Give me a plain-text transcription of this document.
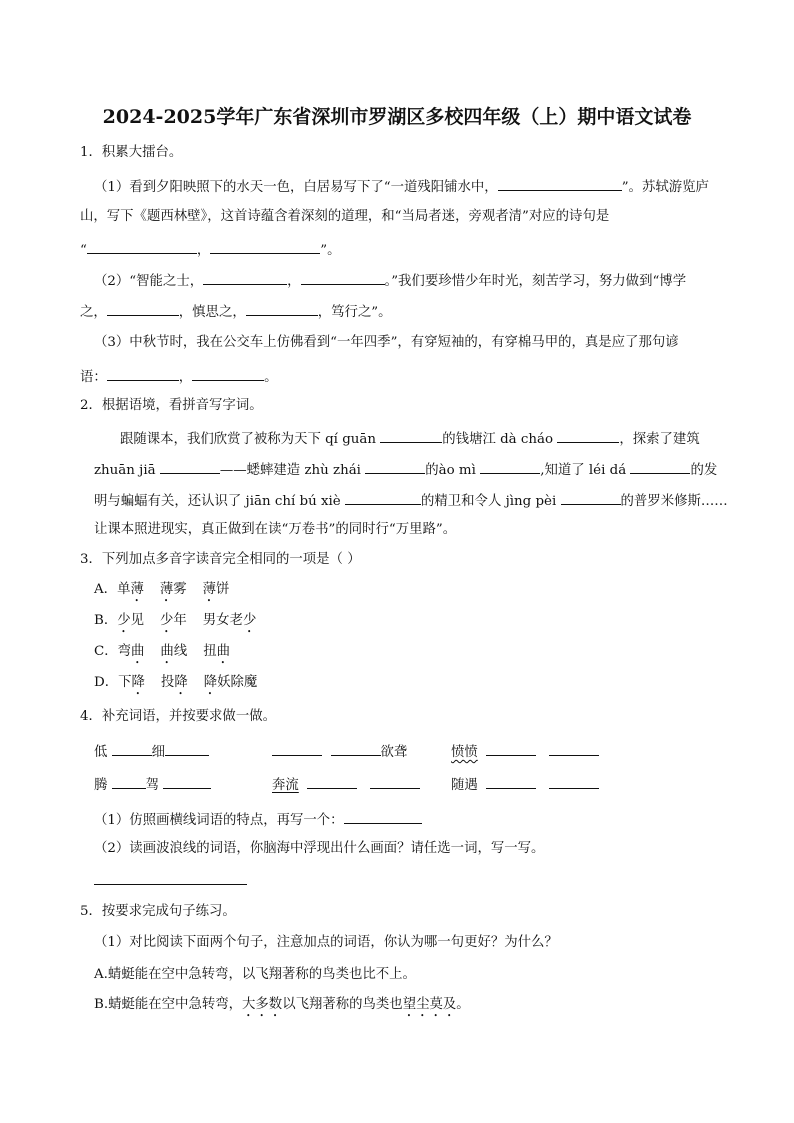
2024-2025学年广东省深圳市罗湖区多校四年级（上）期中语文试卷
1．积累大擂台。
（1）看到夕阳映照下的水天一色，白居易写下了“一道残阳铺水中，	”。苏轼游览庐
山，写下《题西林壁》，这首诗蕴含着深刻的道理，和“当局者迷，旁观者清”对应的诗句是
“	，	”。
（2）“智能之士，	，	。”我们要珍惜少年时光，刻苦学习，努力做到“博学
之，	，慎思之，	，笃行之”。
（3）中秋节时，我在公交车上仿佛看到“一年四季”，有穿短袖的，有穿棉马甲的，真是应了那句谚
语：	，	。
2．根据语境，看拼音写字词。
跟随课本，我们欣赏了被称为天下 qí guān	的钱塘江 dà cháo	，探索了建筑
zhuān jiā	——蟋蟀建造 zhù zhái	的ào mì	,知道了 léi dá	的发
明与蝙蝠有关，还认识了 jiān chí bú xiè	的精卫和令人 jìng pèi	的普罗米修斯……
让课本照进现实，真正做到在读“万卷书”的同时行“万里路”。
3．下列加点多音字读音完全相同的一项是（ ）
A．单薄 薄雾 薄饼
B．少见 少年 男女老少
C．弯曲 曲线 扭曲
D．下降 投降 降妖除魔
4．补充词语，并按要求做一做。
低	细	欲聋	愤愤
腾	驾	奔流	随遇
（1）仿照画横线词语的特点，再写一个：
（2）读画波浪线的词语，你脑海中浮现出什么画面？请任选一词，写一写。
5．按要求完成句子练习。
（1）对比阅读下面两个句子，注意加点的词语，你认为哪一句更好？为什么？
A.蜻蜓能在空中急转弯，以飞翔著称的鸟类也比不上。
B.蜻蜓能在空中急转弯，大多数以飞翔著称的鸟类也望尘莫及。
